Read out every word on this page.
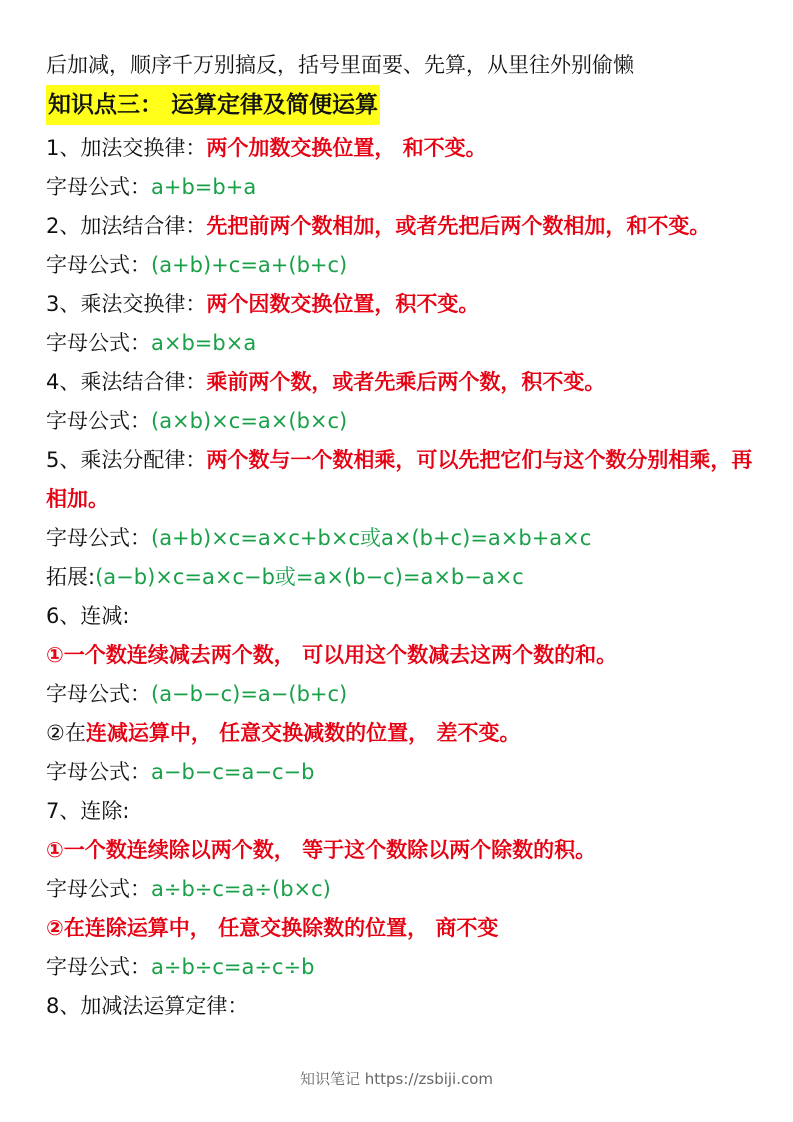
后加减，顺序千万别搞反，括号里面要、先算，从里往外别偷懒
知识点三： 运算定律及简便运算
1、加法交换律：两个加数交换位置， 和不变。
字母公式：a+b=b+a
2、加法结合律：先把前两个数相加，或者先把后两个数相加，和不变。
字母公式：(a+b)+c=a+(b+c)
3、乘法交换律：两个因数交换位置，积不变。
字母公式：a×b=b×a
4、乘法结合律：乘前两个数，或者先乘后两个数，积不变。
字母公式：(a×b)×c=a×(b×c)
5、乘法分配律：两个数与一个数相乘，可以先把它们与这个数分别相乘，再相加。
字母公式：(a+b)×c=a×c+b×c或a×(b+c)=a×b+a×c
拓展:(a−b)×c=a×c−b或=a×(b−c)=a×b−a×c
6、连减:
①一个数连续减去两个数， 可以用这个数减去这两个数的和。
字母公式：(a−b−c)=a−(b+c)
②在连减运算中， 任意交换减数的位置， 差不变。
字母公式：a−b−c=a−c−b
7、连除:
①一个数连续除以两个数， 等于这个数除以两个除数的积。
字母公式：a÷b÷c=a÷(b×c)
②在连除运算中， 任意交换除数的位置， 商不变
字母公式：a÷b÷c=a÷c÷b
8、加减法运算定律：
知识笔记 https://zsbiji.com
